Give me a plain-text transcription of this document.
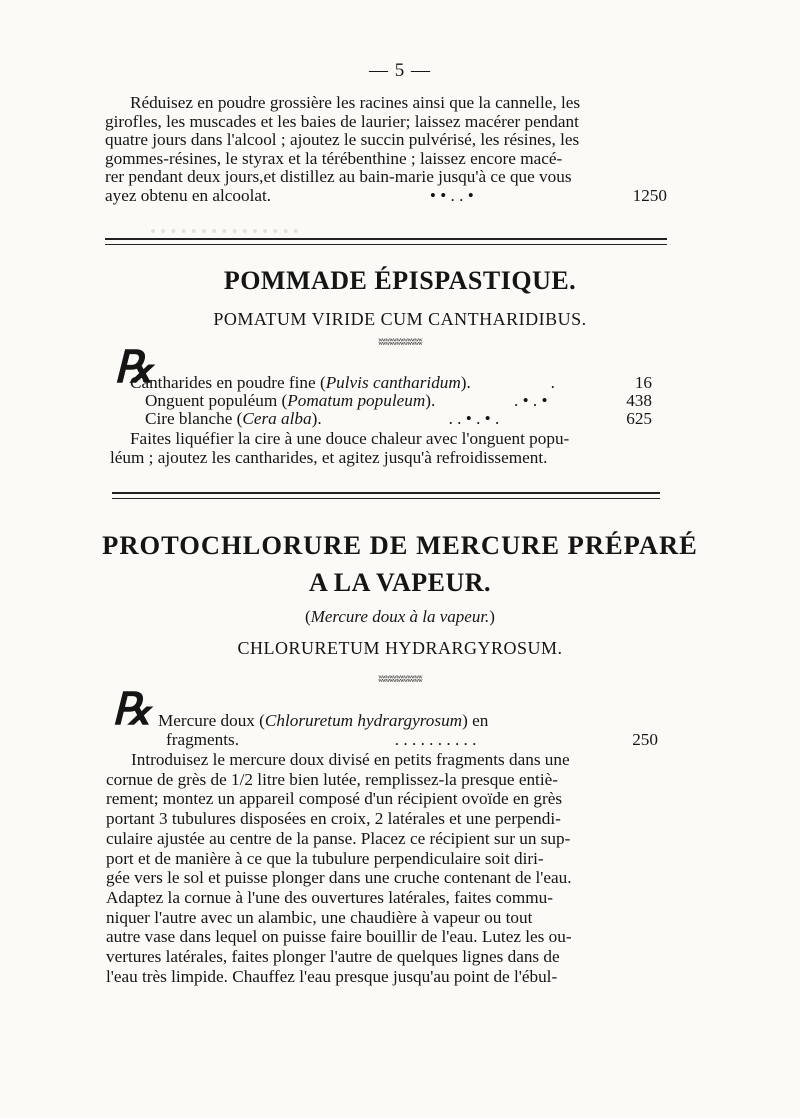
• • • • • • • • • • • • • • •
— 5 —
Réduisez en poudre grossière les racines ainsi que la cannelle, les
girofles, les muscades et les baies de laurier; laissez macérer pendant
quatre jours dans l'alcool ; ajoutez le succin pulvérisé, les résines, les
gommes-résines, le styrax et la térébenthine ; laissez encore macé-
rer pendant deux jours,et distillez au bain-marie jusqu'à ce que vous
ayez obtenu en alcoolat.	• • . . •	1250
POMMADE ÉPISPASTIQUE.
POMATUM VIRIDE CUM CANTHARIDIBUS.
ʬʬʬʬʬʬʬʬʬʬʬʬ
℞
Cantharides en poudre fine (Pulvis cantharidum).	.	16
Onguent populéum (Pomatum populeum).	. • . •	438
Cire blanche (Cera alba).	. . • . • .	625
Faites liquéfier la cire à une douce chaleur avec l'onguent popu-
léum ; ajoutez les cantharides, et agitez jusqu'à refroidissement.
PROTOCHLORURE DE MERCURE PRÉPARÉ
A LA VAPEUR.
(Mercure doux à la vapeur.)
CHLORURETUM HYDRARGYROSUM.
ʬʬʬʬʬʬʬʬʬʬʬʬ
℞ Mercure doux ( Chloruretum hydrargyrosum ) en
fragments.	. . . . . . . . . .	250
Introduisez le mercure doux divisé en petits fragments dans une
cornue de grès de 1/2 litre bien lutée, remplissez-la presque entiè-
rement; montez un appareil composé d'un récipient ovoïde en grès
portant 3 tubulures disposées en croix, 2 latérales et une perpendi-
culaire ajustée au centre de la panse. Placez ce récipient sur un sup-
port et de manière à ce que la tubulure perpendiculaire soit diri-
gée vers le sol et puisse plonger dans une cruche contenant de l'eau.
Adaptez la cornue à l'une des ouvertures latérales, faites commu-
niquer l'autre avec un alambic, une chaudière à vapeur ou tout
autre vase dans lequel on puisse faire bouillir de l'eau. Lutez les ou-
vertures latérales, faites plonger l'autre de quelques lignes dans de
l'eau très limpide. Chauffez l'eau presque jusqu'au point de l'ébul-
